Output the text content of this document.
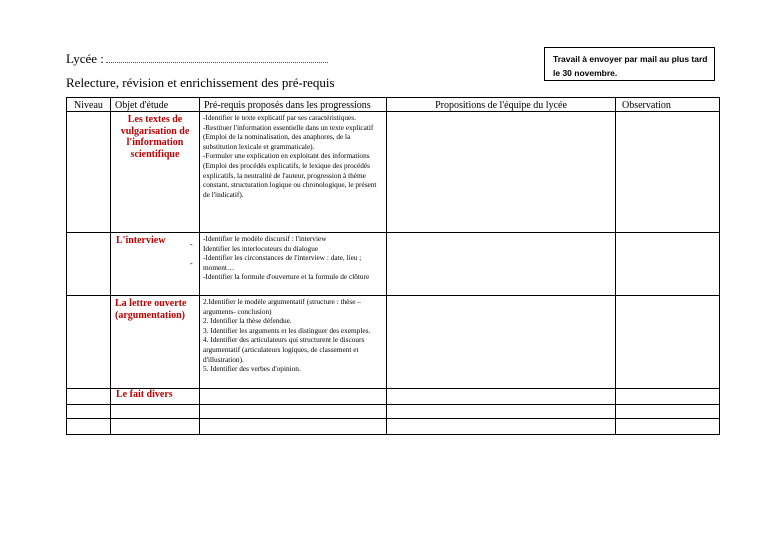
Lycée :
Relecture, révision et enrichissement des pré-requis
Travail à envoyer par mail au plus tard le 30 novembre.
Niveau	Objet d'étude	Pré-requis proposés dans les progressions	Propositions de l'équipe du lycée	Observation
	Les textes de vulgarisation de l'information scientifique	-Identifier le texte explicatif par ses caractéristiques.
-Restituer l'information essentielle dans un texte explicatif (Emploi de la nominalisation, des anaphores, de la substitution lexicale et grammaticale).
-Formuler une explication en exploitant des informations (Emploi des procédés explicatifs, le lexique des procédés explicatifs, la neutralité de l'auteur, progression à thème constant, structuration logique ou chronologique, le présent de l'indicatif).		
	L'interview	-Identifier le modèle discursif : l'interview
Identifier les interlocuteurs du dialogue
-Identifier les circonstances de l'interview : date, lieu ; moment…
-Identifier la formule d'ouverture et la formule de clôture		
	La lettre ouverte (argumentation)	2.Identifier le modèle argumentatif (structure : thèse – arguments- conclusion)
2. Identifier la thèse défendue.
3. Identifier les arguments et les distinguer des exemples.
4. Identifier des articulateurs qui structurent le discours argumentatif (articulateurs logiques, de classement et d'illustration).
5. Identifier des verbes d'opinion.		
	Le fait divers			

-
-
